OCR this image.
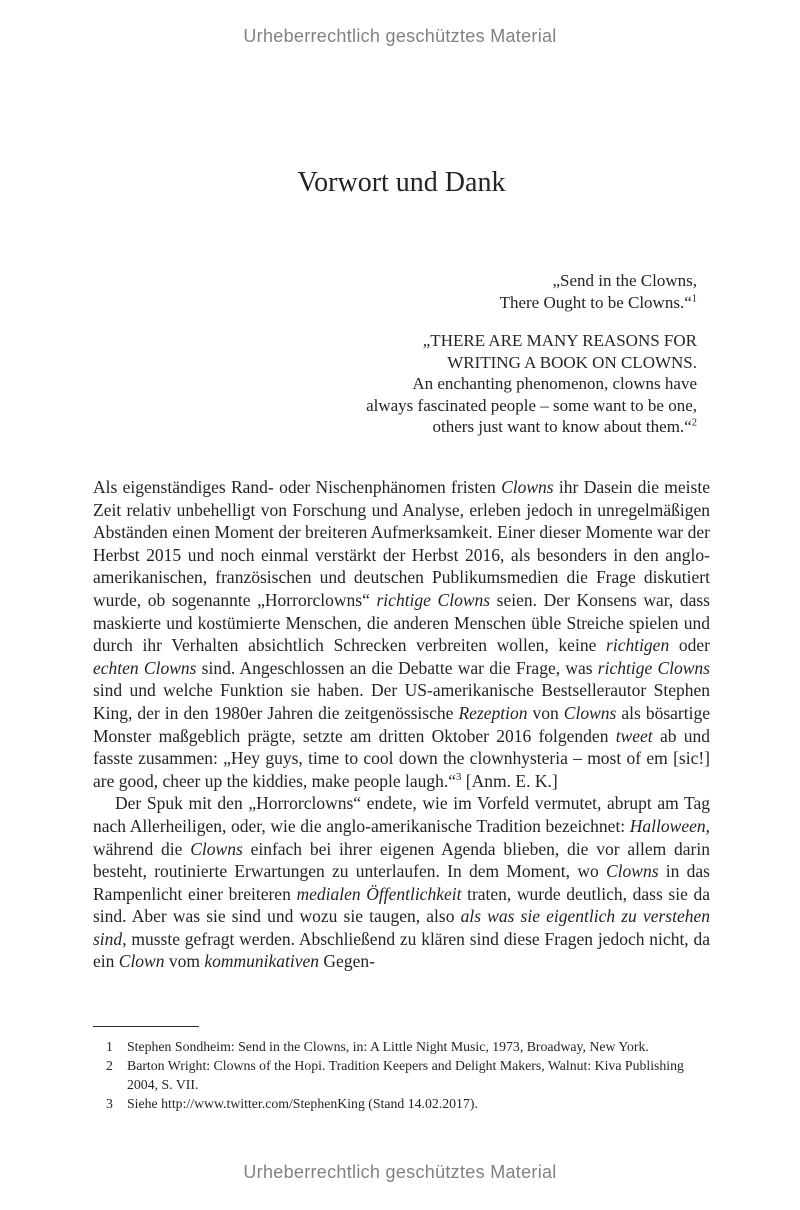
Urheberrechtlich geschütztes Material
Vorwort und Dank
„Send in the Clowns,
There Ought to be Clowns.“$^1$
„THERE ARE MANY REASONS FOR
WRITING A BOOK ON CLOWNS.
An enchanting phenomenon, clowns have
always fascinated people – some want to be one,
others just want to know about them.“$^2$

Als eigenständiges Rand- oder Nischenphänomen fristen Clowns ihr Dasein die meiste Zeit relativ unbehelligt von Forschung und Analyse, erleben jedoch in unregelmäßigen Abständen einen Moment der breiteren Aufmerksamkeit. Einer dieser Momente war der Herbst 2015 und noch einmal verstärkt der Herbst 2016, als besonders in den anglo-amerikanischen, französischen und deutschen Publikumsmedien die Frage diskutiert wurde, ob sogenannte „Horrorclowns“ richtige Clowns seien. Der Konsens war, dass maskierte und kostümierte Menschen, die anderen Menschen üble Streiche spielen und durch ihr Verhalten absichtlich Schrecken verbreiten wollen, keine richtigen oder echten Clowns sind. Angeschlossen an die Debatte war die Frage, was richtige Clowns sind und welche Funktion sie haben. Der US-amerikanische Bestsellerautor Stephen King, der in den 1980er Jahren die zeitgenössische Rezeption von Clowns als bösartige Monster maßgeblich prägte, setzte am dritten Oktober 2016 folgenden tweet ab und fasste zusammen: „Hey guys, time to cool down the clownhysteria – most of em [sic!] are good, cheer up the kiddies, make people laugh.“$^3$ [Anm. E. K.]

Der Spuk mit den „Horrorclowns“ endete, wie im Vorfeld vermutet, abrupt am Tag nach Allerheiligen, oder, wie die anglo-amerikanische Tradition bezeichnet: Halloween, während die Clowns einfach bei ihrer eigenen Agenda blieben, die vor allem darin besteht, routinierte Erwartungen zu unterlaufen. In dem Moment, wo Clowns in das Rampenlicht einer breiteren medialen Öffentlichkeit traten, wurde deutlich, dass sie da sind. Aber was sie sind und wozu sie taugen, also als was sie eigentlich zu verstehen sind, musste gefragt werden. Abschließend zu klären sind diese Fragen jedoch nicht, da ein Clown vom kommunikativen Gegen-

1	Stephen Sondheim: Send in the Clowns, in: A Little Night Music, 1973, Broadway, New York.
2	Barton Wright: Clowns of the Hopi. Tradition Keepers and Delight Makers, Walnut: Kiva Publishing 2004, S. VII.
3	Siehe http://www.twitter.com/StephenKing (Stand 14.02.2017).
Urheberrechtlich geschütztes Material
